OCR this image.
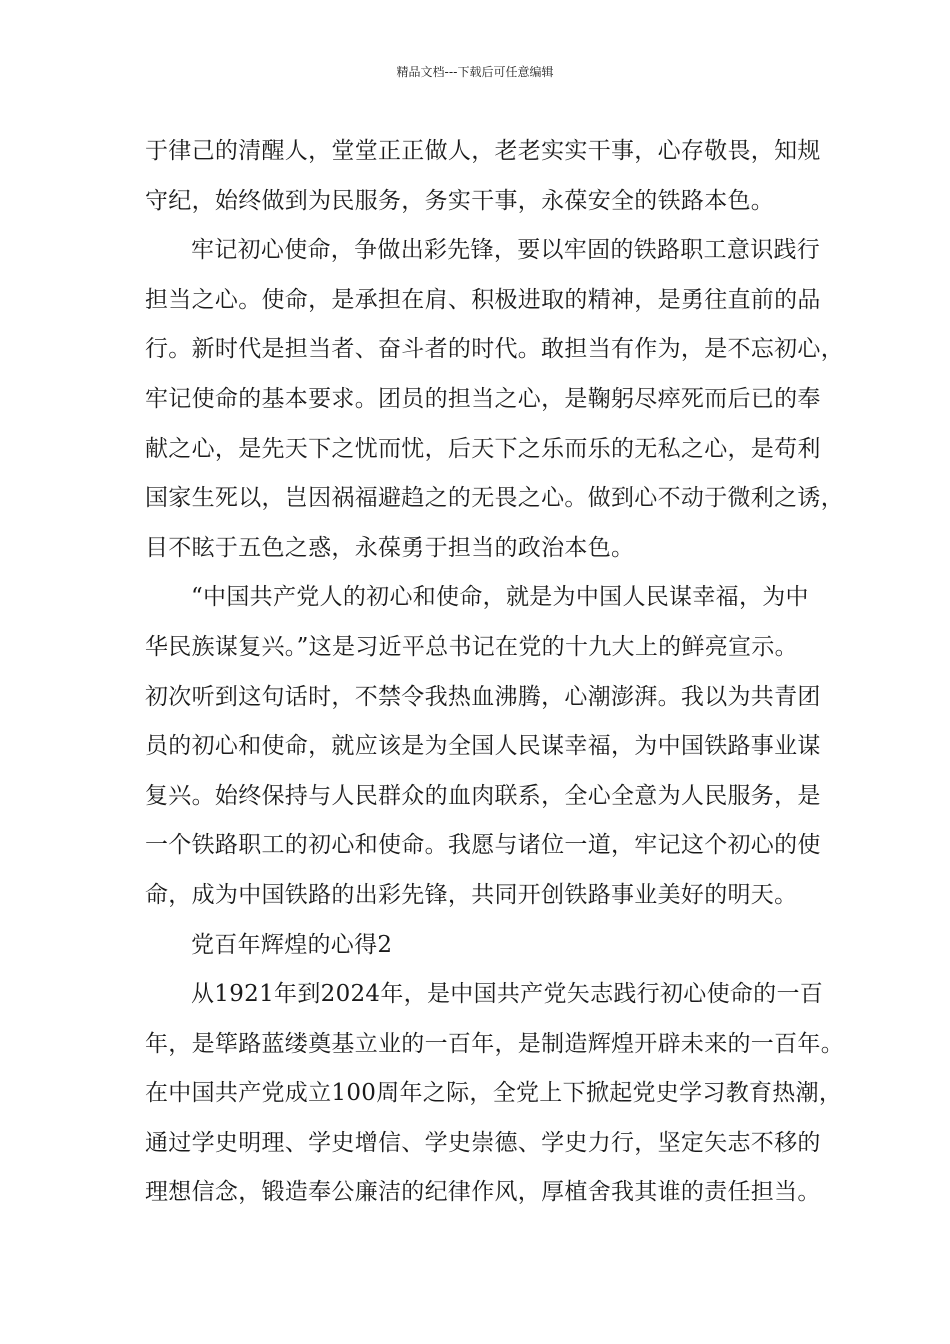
精品文档---下载后可任意编辑
于律己的清醒人，堂堂正正做人，老老实实干事，心存敬畏，知规
守纪，始终做到为民服务，务实干事，永葆安全的铁路本色。
牢记初心使命，争做出彩先锋，要以牢固的铁路职工意识践行
担当之心。使命，是承担在肩、积极进取的精神，是勇往直前的品
行。新时代是担当者、奋斗者的时代。敢担当有作为，是不忘初心，
牢记使命的基本要求。团员的担当之心，是鞠躬尽瘁死而后已的奉
献之心，是先天下之忧而忧，后天下之乐而乐的无私之心，是苟利
国家生死以，岂因祸福避趋之的无畏之心。做到心不动于微利之诱，
目不眩于五色之惑，永葆勇于担当的政治本色。
“中国共产党人的初心和使命，就是为中国人民谋幸福，为中
华民族谋复兴。”这是习近平总书记在党的十九大上的鲜亮宣示。
初次听到这句话时，不禁令我热血沸腾，心潮澎湃。我以为共青团
员的初心和使命，就应该是为全国人民谋幸福，为中国铁路事业谋
复兴。始终保持与人民群众的血肉联系，全心全意为人民服务，是
一个铁路职工的初心和使命。我愿与诸位一道，牢记这个初心的使
命，成为中国铁路的出彩先锋，共同开创铁路事业美好的明天。
党百年辉煌的心得2
从1921年到2024年，是中国共产党矢志践行初心使命的一百
年，是筚路蓝缕奠基立业的一百年，是制造辉煌开辟未来的一百年。
在中国共产党成立100周年之际，全党上下掀起党史学习教育热潮，
通过学史明理、学史增信、学史崇德、学史力行，坚定矢志不移的
理想信念，锻造奉公廉洁的纪律作风，厚植舍我其谁的责任担当。
